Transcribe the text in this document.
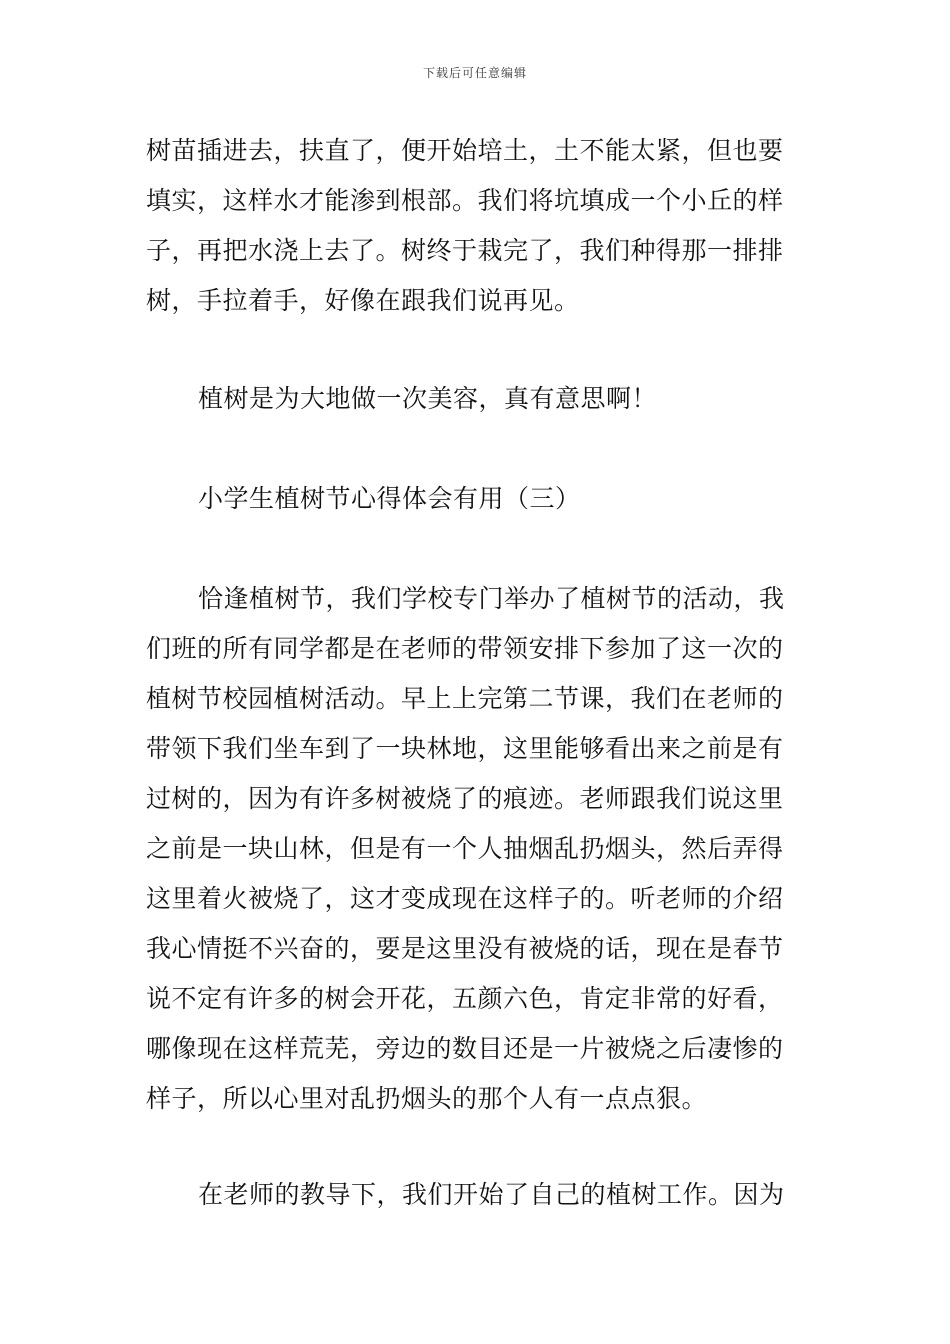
下载后可任意编辑
树苗插进去，扶直了，便开始培土，土不能太紧，但也要
填实，这样水才能渗到根部。我们将坑填成一个小丘的样
子，再把水浇上去了。树终于栽完了，我们种得那一排排
树，手拉着手，好像在跟我们说再见。
植树是为大地做一次美容，真有意思啊！
小学生植树节心得体会有用（三）
恰逢植树节，我们学校专门举办了植树节的活动，我
们班的所有同学都是在老师的带领安排下参加了这一次的
植树节校园植树活动。早上上完第二节课，我们在老师的
带领下我们坐车到了一块林地，这里能够看出来之前是有
过树的，因为有许多树被烧了的痕迹。老师跟我们说这里
之前是一块山林，但是有一个人抽烟乱扔烟头，然后弄得
这里着火被烧了，这才变成现在这样子的。听老师的介绍
我心情挺不兴奋的，要是这里没有被烧的话，现在是春节
说不定有许多的树会开花，五颜六色，肯定非常的好看，
哪像现在这样荒芜，旁边的数目还是一片被烧之后凄惨的
样子，所以心里对乱扔烟头的那个人有一点点狠。
在老师的教导下，我们开始了自己的植树工作。因为
